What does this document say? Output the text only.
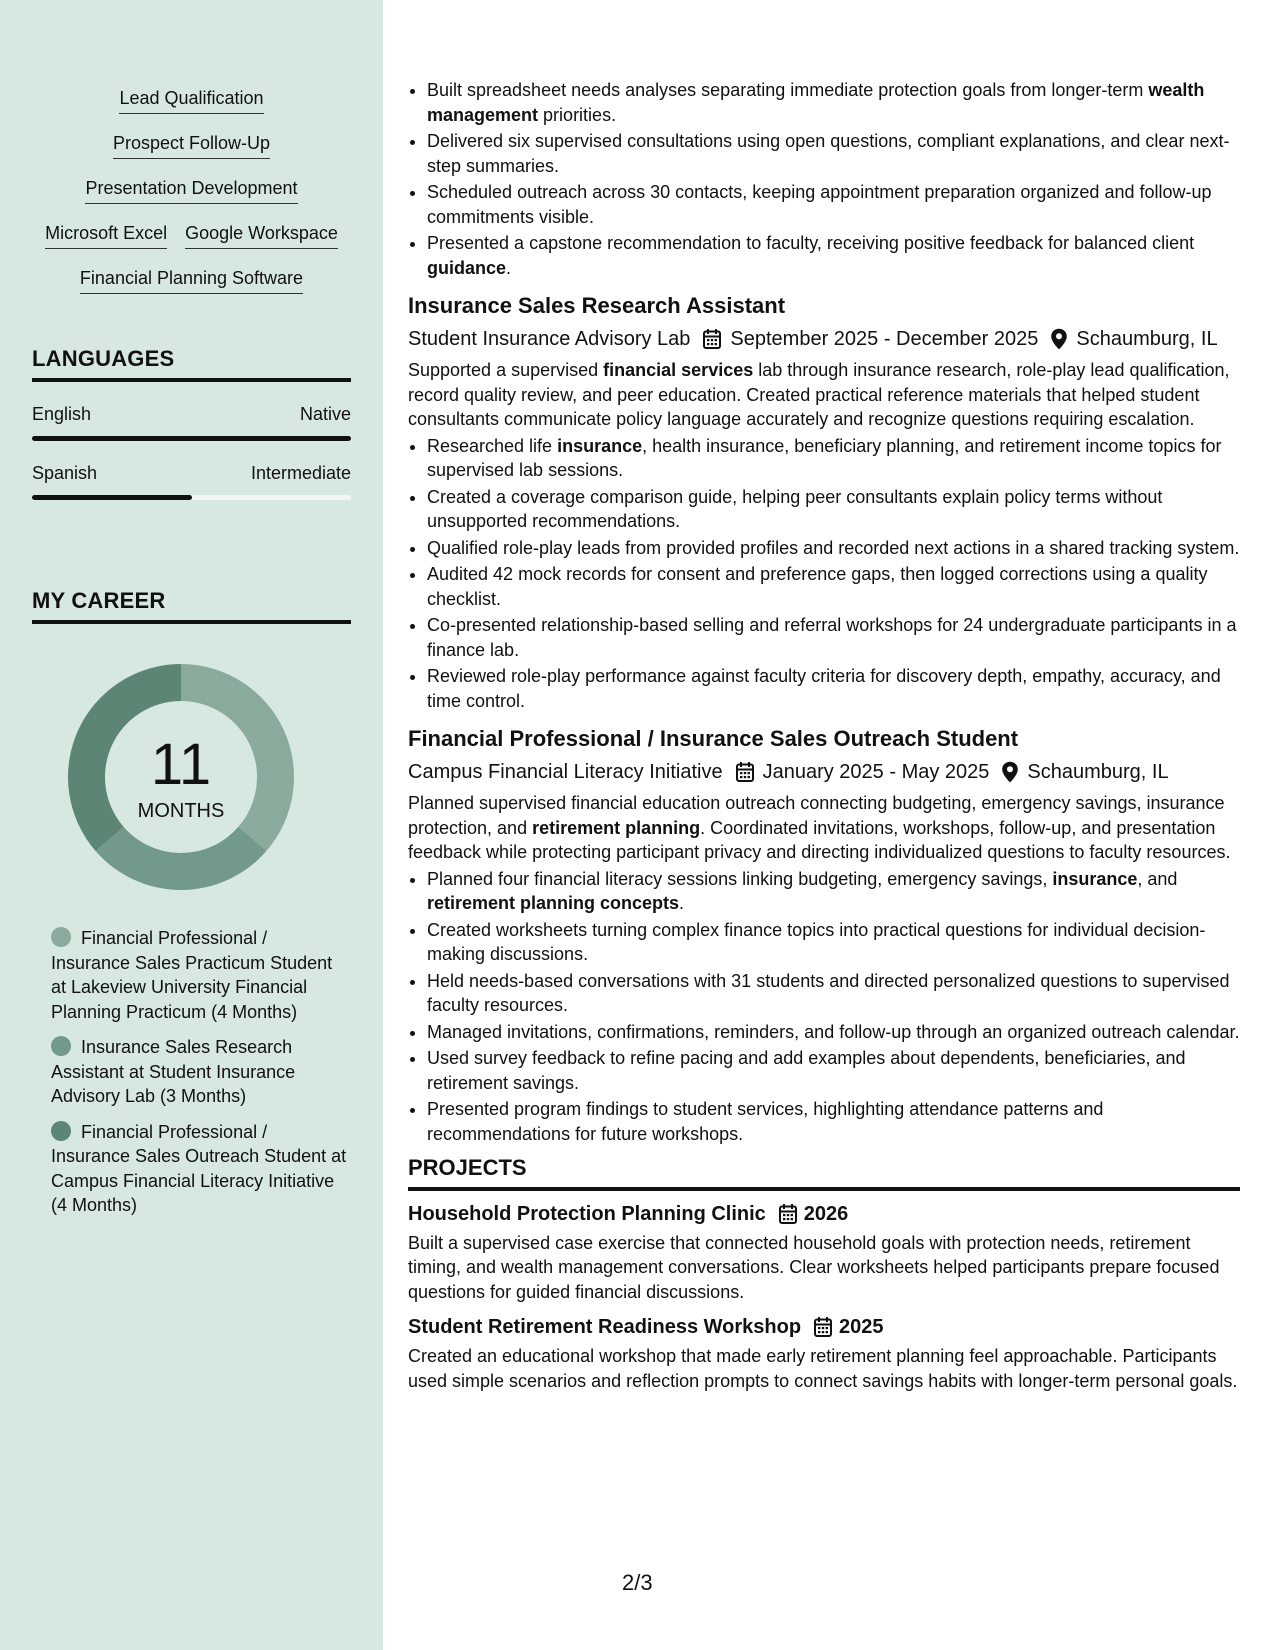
Lead Qualification
Prospect Follow-Up
Presentation Development
Microsoft Excel Google Workspace
Financial Planning Software
LANGUAGES
English	Native
Spanish	Intermediate
MY CAREER
11
MONTHS
Financial Professional / Insurance Sales Practicum Student at Lakeview University Financial Planning Practicum (4 Months)
Insurance Sales Research Assistant at Student Insurance Advisory Lab (3 Months)
Financial Professional / Insurance Sales Outreach Student at Campus Financial Literacy Initiative (4 Months)
• Built spreadsheet needs analyses separating immediate protection goals from longer-term wealth management priorities.
• Delivered six supervised consultations using open questions, compliant explanations, and clear next-step summaries.
• Scheduled outreach across 30 contacts, keeping appointment preparation organized and follow-up commitments visible.
• Presented a capstone recommendation to faculty, receiving positive feedback for balanced client guidance.
Insurance Sales Research Assistant
Student Insurance Advisory Lab September 2025 - December 2025 Schaumburg, IL
Supported a supervised financial services lab through insurance research, role-play lead qualification, record quality review, and peer education. Created practical reference materials that helped student consultants communicate policy language accurately and recognize questions requiring escalation.
• Researched life insurance, health insurance, beneficiary planning, and retirement income topics for supervised lab sessions.
• Created a coverage comparison guide, helping peer consultants explain policy terms without unsupported recommendations.
• Qualified role-play leads from provided profiles and recorded next actions in a shared tracking system.
• Audited 42 mock records for consent and preference gaps, then logged corrections using a quality checklist.
• Co-presented relationship-based selling and referral workshops for 24 undergraduate participants in a finance lab.
• Reviewed role-play performance against faculty criteria for discovery depth, empathy, accuracy, and time control.
Financial Professional / Insurance Sales Outreach Student
Campus Financial Literacy Initiative January 2025 - May 2025 Schaumburg, IL
Planned supervised financial education outreach connecting budgeting, emergency savings, insurance protection, and retirement planning. Coordinated invitations, workshops, follow-up, and presentation feedback while protecting participant privacy and directing individualized questions to faculty resources.
• Planned four financial literacy sessions linking budgeting, emergency savings, insurance, and retirement planning concepts.
• Created worksheets turning complex finance topics into practical questions for individual decision-making discussions.
• Held needs-based conversations with 31 students and directed personalized questions to supervised faculty resources.
• Managed invitations, confirmations, reminders, and follow-up through an organized outreach calendar.
• Used survey feedback to refine pacing and add examples about dependents, beneficiaries, and retirement savings.
• Presented program findings to student services, highlighting attendance patterns and recommendations for future workshops.
PROJECTS
Household Protection Planning Clinic 2026
Built a supervised case exercise that connected household goals with protection needs, retirement timing, and wealth management conversations. Clear worksheets helped participants prepare focused questions for guided financial discussions.
Student Retirement Readiness Workshop 2025
Created an educational workshop that made early retirement planning feel approachable. Participants used simple scenarios and reflection prompts to connect savings habits with longer-term personal goals.
2/3
